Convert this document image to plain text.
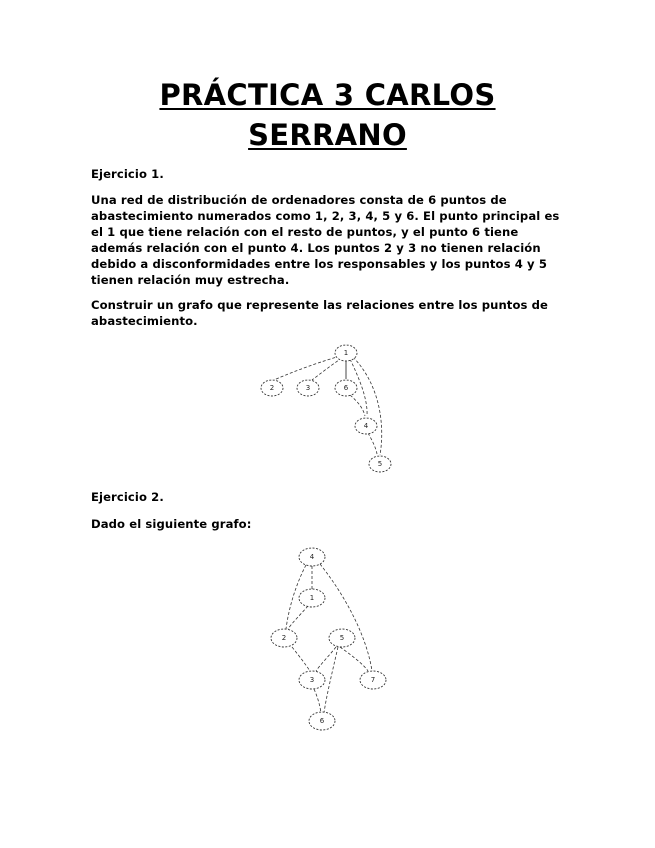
PRÁCTICA 3 CARLOS
SERRANO
Ejercicio 1.
Una red de distribución de ordenadores consta de 6 puntos de abastecimiento numerados como 1, 2, 3, 4, 5 y 6. El punto principal es el 1 que tiene relación con el resto de puntos, y el punto 6 tiene además relación con el punto 4. Los puntos 2 y 3 no tienen relación debido a disconformidades entre los responsables y los puntos 4 y 5 tienen relación muy estrecha.
Construir un grafo que represente las relaciones entre los puntos de abastecimiento.
1
2	3	6
4
5
Ejercicio 2.
Dado el siguiente grafo:
4
1
2	5
3	7
6
